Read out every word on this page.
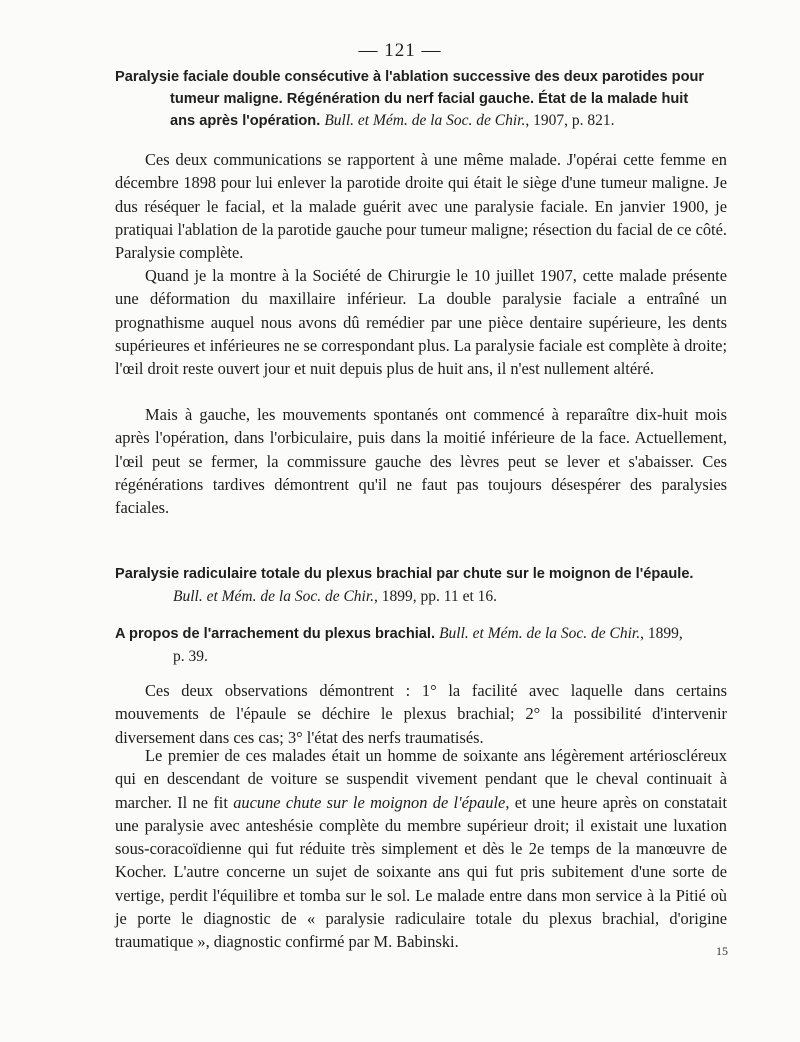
— 121 —
Paralysie faciale double consécutive à l'ablation successive des deux parotides pour
tumeur maligne. Régénération du nerf facial gauche. État de la malade huit
ans après l'opération. Bull. et Mém. de la Soc. de Chir., 1907, p. 821.

Ces deux communications se rapportent à une même malade. J'opérai cette femme en décembre 1898 pour lui enlever la parotide droite qui était le siège d'une tumeur maligne. Je dus réséquer le facial, et la malade guérit avec une paralysie faciale. En janvier 1900, je pratiquai l'ablation de la parotide gauche pour tumeur maligne; résection du facial de ce côté. Paralysie complète.

Quand je la montre à la Société de Chirurgie le 10 juillet 1907, cette malade présente une déformation du maxillaire inférieur. La double paralysie faciale a entraîné un prognathisme auquel nous avons dû remédier par une pièce dentaire supérieure, les dents supérieures et inférieures ne se correspondant plus. La paralysie faciale est complète à droite; l'œil droit reste ouvert jour et nuit depuis plus de huit ans, il n'est nullement altéré.

Mais à gauche, les mouvements spontanés ont commencé à reparaître dix-huit mois après l'opération, dans l'orbiculaire, puis dans la moitié inférieure de la face. Actuellement, l'œil peut se fermer, la commissure gauche des lèvres peut se lever et s'abaisser. Ces régénérations tardives démontrent qu'il ne faut pas toujours désespérer des paralysies faciales.

Paralysie radiculaire totale du plexus brachial par chute sur le moignon de l'épaule.
Bull. et Mém. de la Soc. de Chir., 1899, pp. 11 et 16.
A propos de l'arrachement du plexus brachial. Bull. et Mém. de la Soc. de Chir., 1899,
p. 39.

Ces deux observations démontrent : 1° la facilité avec laquelle dans certains mouvements de l'épaule se déchire le plexus brachial; 2° la possibilité d'intervenir diversement dans ces cas; 3° l'état des nerfs traumatisés.

Le premier de ces malades était un homme de soixante ans légèrement artérioscléreux qui en descendant de voiture se suspendit vivement pendant que le cheval continuait à marcher. Il ne fit aucune chute sur le moignon de l'épaule, et une heure après on constatait une paralysie avec anteshésie complète du membre supérieur droit; il existait une luxation sous-coracoïdienne qui fut réduite très simplement et dès le 2e temps de la manœuvre de Kocher. L'autre concerne un sujet de soixante ans qui fut pris subitement d'une sorte de vertige, perdit l'équilibre et tomba sur le sol. Le malade entre dans mon service à la Pitié où je porte le diagnostic de « paralysie radiculaire totale du plexus brachial, d'origine traumatique », diagnostic confirmé par M. Babinski.	15
